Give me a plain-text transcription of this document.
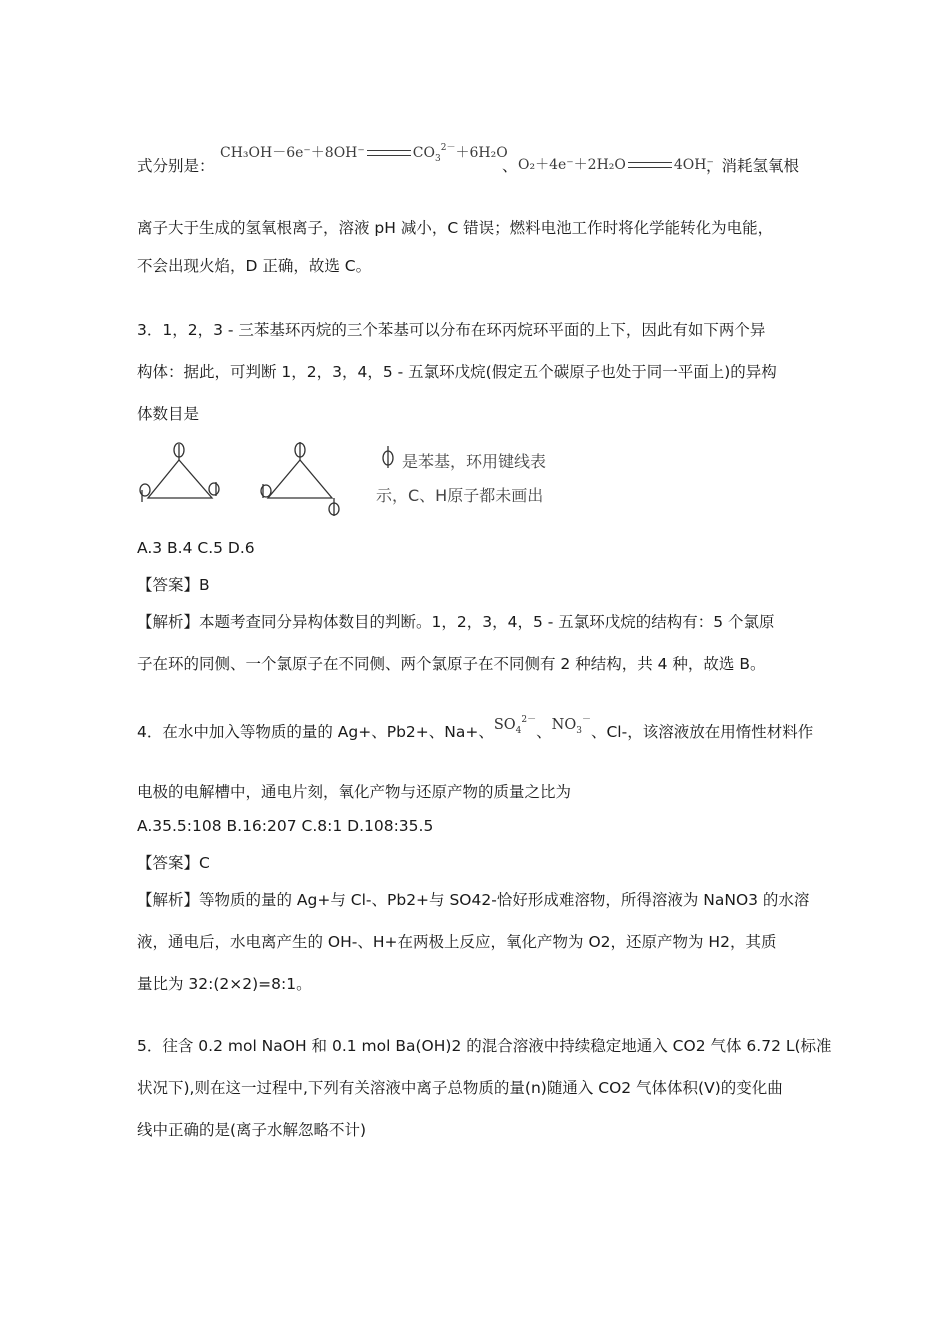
式分别是：
CH₃OH－6e⁻＋8OH⁻	$CO_3^{2-}+6H_2O$
、 O₂＋4e⁻＋2H₂O	4OH⁻
，消耗氢氧根
离子大于生成的氢氧根离子，溶液 pH 减小，C 错误；燃料电池工作时将化学能转化为电能，
不会出现火焰，D 正确，故选 C。
3．1，2，3 - 三苯基环丙烷的三个苯基可以分布在环丙烷环平面的上下，因此有如下两个异
构体：据此，可判断 1，2，3，4，5 - 五氯环戊烷(假定五个碳原子也处于同一平面上)的异构
体数目是
是苯基，环用键线表
示，C、H原子都未画出
A.3 B.4 C.5 D.6
【答案】B
【解析】本题考查同分异构体数目的判断。1，2，3，4，5 - 五氯环戊烷的结构有：5 个氯原
子在环的同侧、一个氯原子在不同侧、两个氯原子在不同侧有 2 种结构，共 4 种，故选 B。
4．在水中加入等物质的量的 Ag+、Pb2+、Na+、$SO_4^{2-}$、$NO_3^-$、Cl-，该溶液放在用惰性材料作
电极的电解槽中，通电片刻，氧化产物与还原产物的质量之比为
A.35.5:108 B.16:207 C.8:1 D.108:35.5
【答案】C
【解析】等物质的量的 Ag+与 Cl-、Pb2+与 SO42-恰好形成难溶物，所得溶液为 NaNO3 的水溶
液，通电后，水电离产生的 OH-、H+在两极上反应，氧化产物为 O2，还原产物为 H2，其质
量比为 32:(2×2)=8:1。
5．往含 0.2 mol NaOH 和 0.1 mol Ba(OH)2 的混合溶液中持续稳定地通入 CO2 气体 6.72 L(标准
状况下),则在这一过程中,下列有关溶液中离子总物质的量(n)随通入 CO2 气体体积(V)的变化曲
线中正确的是(离子水解忽略不计)
